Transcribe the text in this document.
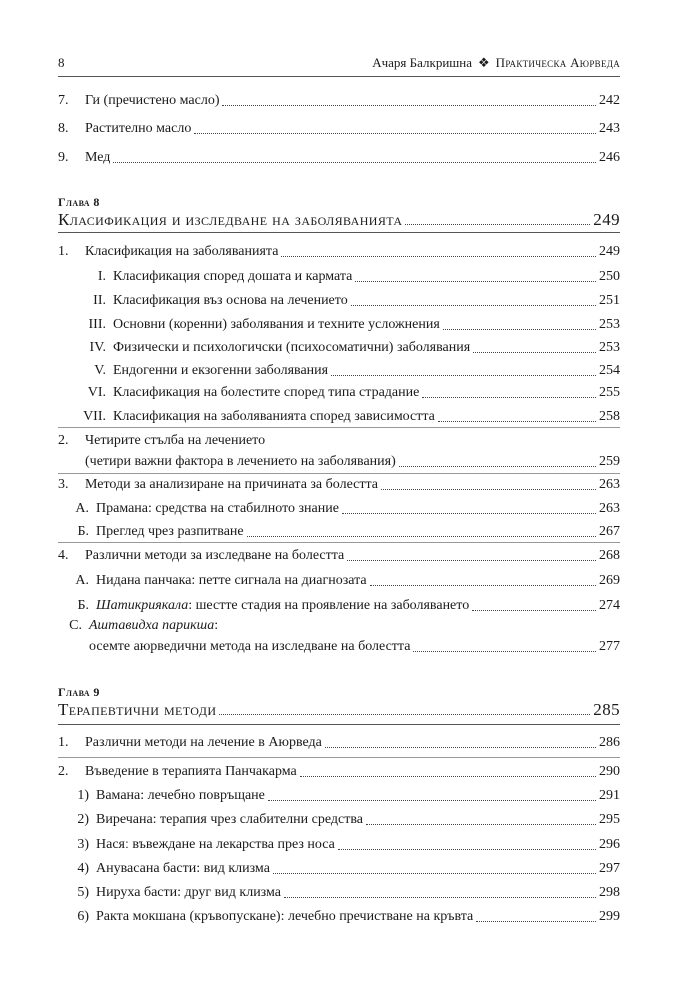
8	Ачаря Балкришна ❖ Практическа Аюрведа
7.	Ги (пречистено масло)	242
8.	Растително масло	243
9.	Мед	246
Глава 8
Класификация и изследване на заболяванията	249
1.	Класификация на заболяванията	249
I. Класификация според дошата и кармата	250
II. Класификация въз основа на лечението	251
III. Основни (коренни) заболявания и техните усложнения	253
IV. Физически и психологичски (психосоматични) заболявания	253
V. Ендогенни и екзогенни заболявания	254
VI. Класификация на болестите според типа страдание	255
VII. Класификация на заболяванията според зависимостта	258
2. Четирите стълба на лечението
(четири важни фактора в лечението на заболявания)	259
3.	Методи за анализиране на причината за болестта	263
А. Прамана: средства на стабилното знание	263
Б. Преглед чрез разпитване	267
4.	Различни методи за изследване на болестта	268
А. Нидана панчака: петте сигнала на диагнозата	269
Б. Шатикриякала: шестте стадия на проявление на заболяването	274
С. Аштавидха парикша:
осемте аюрведични метода на изследване на болестта	277
Глава 9
Терапевтични методи	285
1.	Различни методи на лечение в Аюрведа	286
2.	Въведение в терапията Панчакарма	290
1) Вамана: лечебно повръщане	291
2) Виречана: терапия чрез слабителни средства	295
3) Насяː въвеждане на лекарства през носа	296
4) Анувасана басти: вид клизма	297
5) Нируха басти: друг вид клизма	298
6) Ракта мокшана (кръвопускане): лечебно пречистване на кръвта	299
